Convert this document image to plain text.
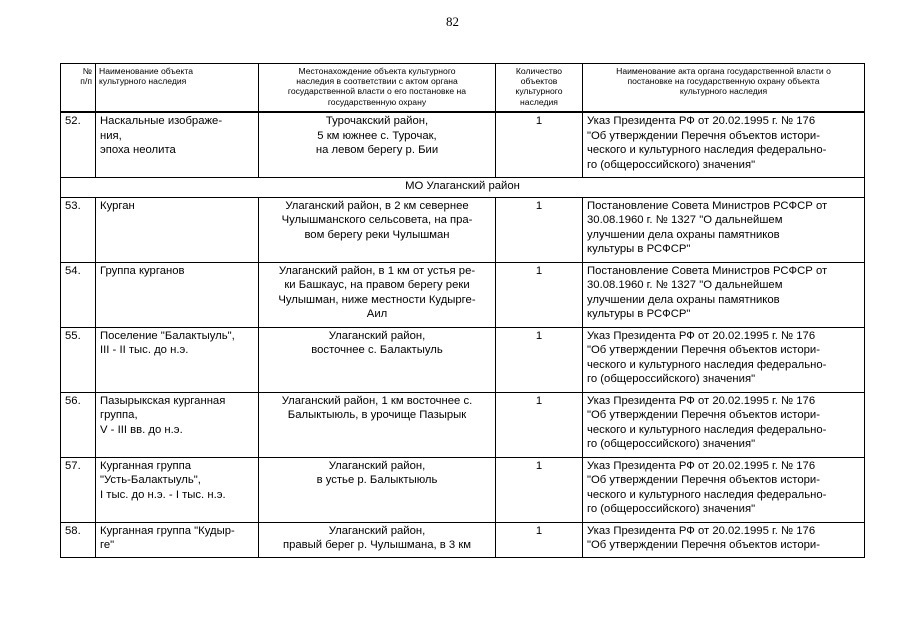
82
№
п/п	Наименование объекта
культурного наследия	Местонахождение объекта культурного
наследия в соответствии с актом органа
государственной власти о его постановке на
государственную охрану	Количество
объектов
культурного
наследия	Наименование акта органа государственной власти о
постановке на государственную охрану объекта
культурного наследия

52.	Наскальные изображе-
ния,
эпоха неолита	Турочакский район,
5 км южнее с. Турочак,
на левом берегу р. Бии	1	Указ Президента РФ от 20.02.1995 г. № 176
"Об утверждении Перечня объектов истори-
ческого и культурного наследия федерально-
го (общероссийского) значения"

МО Улаганский район				
53.	Курган	Улаганский район, в 2 км севернее
Чулышманского сельсовета, на пра-
вом берегу реки Чулышман	1	Постановление Совета Министров РСФСР от
30.08.1960 г. № 1327 "О дальнейшем
улучшении дела охраны памятников
культуры в РСФСР"

54.	Группа курганов	Улаганский район, в 1 км от устья ре-
ки Башкаус, на правом берегу реки
Чулышман, ниже местности Кудырге-
Аил	1	Постановление Совета Министров РСФСР от
30.08.1960 г. № 1327 "О дальнейшем
улучшении дела охраны памятников
культуры в РСФСР"

55.	Поселение "Балактыуль",
III - II тыс. до н.э.	Улаганский район,
восточнее с. Балактыуль	1	Указ Президента РФ от 20.02.1995 г. № 176
"Об утверждении Перечня объектов истори-
ческого и культурного наследия федерально-
го (общероссийского) значения"

56.	Пазырыкская курганная
группа,
V - III вв. до н.э.	Улаганский район, 1 км восточнее с.
Балыктыюль, в урочище Пазырык	1	Указ Президента РФ от 20.02.1995 г. № 176
"Об утверждении Перечня объектов истори-
ческого и культурного наследия федерально-
го (общероссийского) значения"

57.	Курганная группа
"Усть-Балактыуль",
I тыс. до н.э. - I тыс. н.э.	Улаганский район,
в устье р. Балыктыюль	1	Указ Президента РФ от 20.02.1995 г. № 176
"Об утверждении Перечня объектов истори-
ческого и культурного наследия федерально-
го (общероссийского) значения"

58.	Курганная группа "Кудыр-
ге"	Улаганский район,
правый берег р. Чулышмана, в 3 км	1	Указ Президента РФ от 20.02.1995 г. № 176
"Об утверждении Перечня объектов истори-
